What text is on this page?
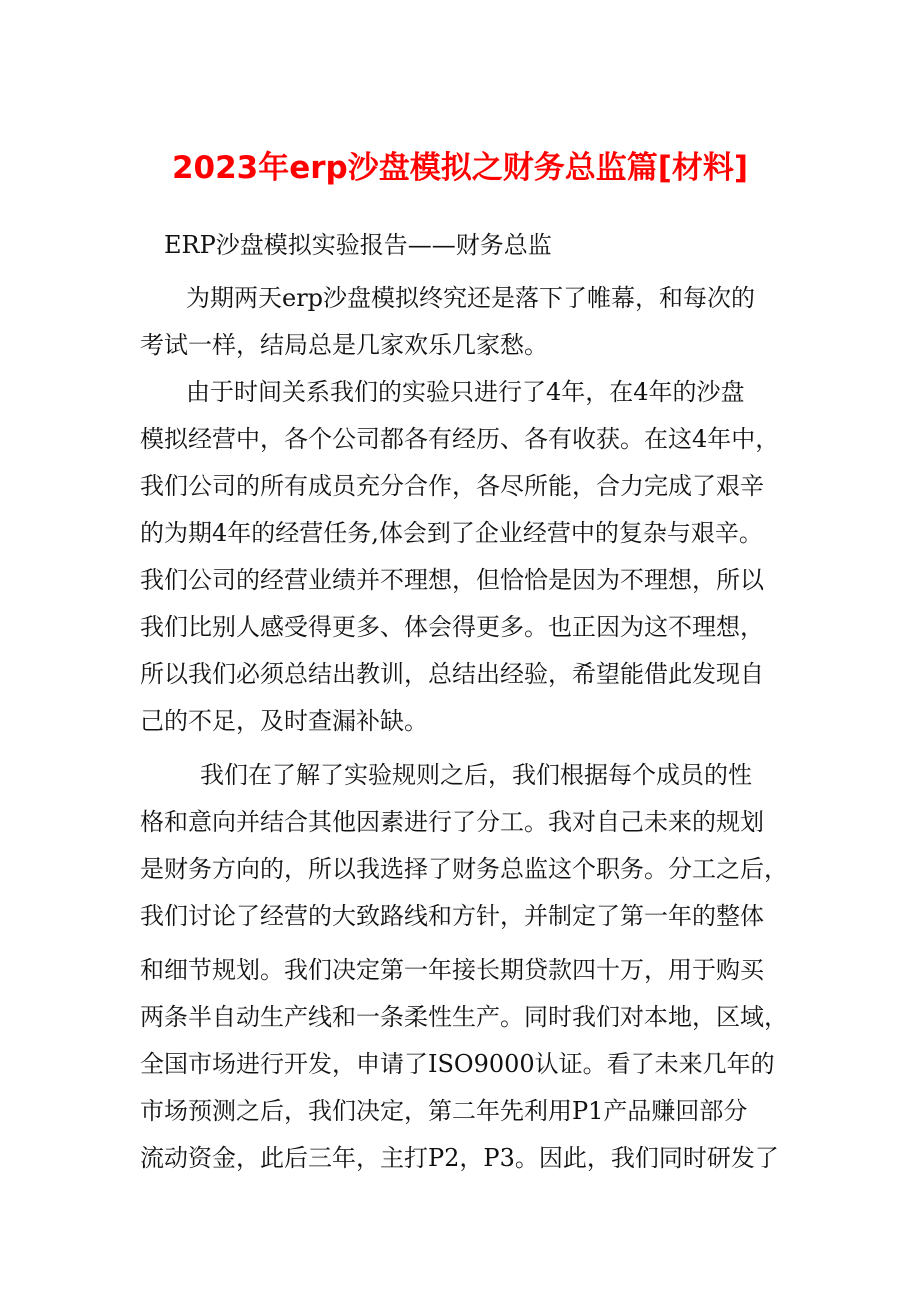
2023年erp沙盘模拟之财务总监篇[材料]
ERP沙盘模拟实验报告——财务总监
为期两天erp沙盘模拟终究还是落下了帷幕，和每次的
考试一样，结局总是几家欢乐几家愁。
由于时间关系我们的实验只进行了4年，在4年的沙盘
模拟经营中，各个公司都各有经历、各有收获。在这4年中，
我们公司的所有成员充分合作，各尽所能，合力完成了艰辛
的为期4年的经营任务,体会到了企业经营中的复杂与艰辛。
我们公司的经营业绩并不理想，但恰恰是因为不理想，所以
我们比别人感受得更多、体会得更多。也正因为这不理想，
所以我们必须总结出教训，总结出经验，希望能借此发现自
己的不足，及时查漏补缺。
我们在了解了实验规则之后，我们根据每个成员的性
格和意向并结合其他因素进行了分工。我对自己未来的规划
是财务方向的，所以我选择了财务总监这个职务。分工之后，
我们讨论了经营的大致路线和方针，并制定了第一年的整体
和细节规划。我们决定第一年接长期贷款四十万，用于购买
两条半自动生产线和一条柔性生产。同时我们对本地，区域，
全国市场进行开发，申请了ISO9000认证。看了未来几年的
市场预测之后，我们决定，第二年先利用P1产品赚回部分
流动资金，此后三年，主打P2，P3。因此，我们同时研发了
